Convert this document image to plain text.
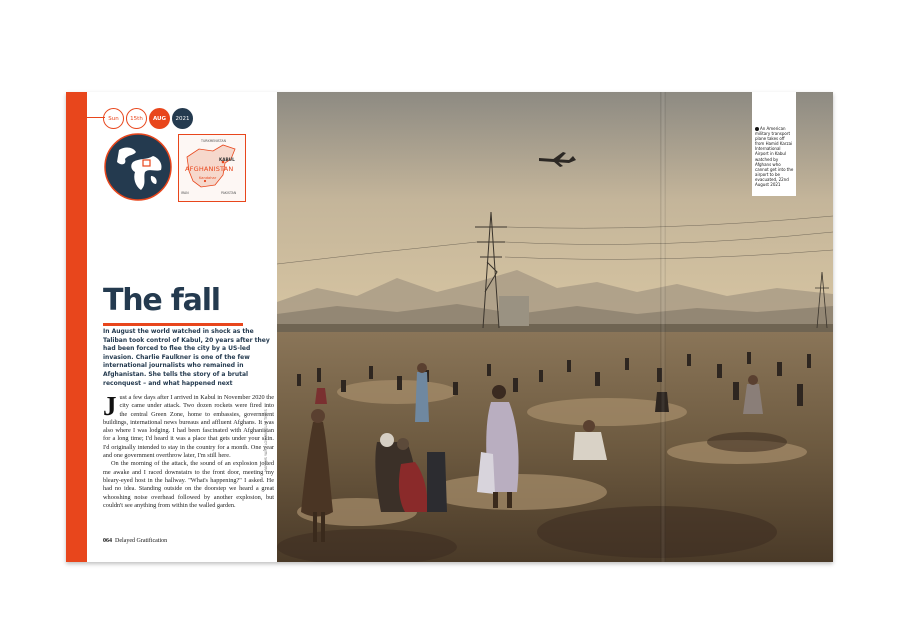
Sun	15th	AUG	2021
TURKMENISTAN
PAKISTAN
IRAN
AFGHANISTAN
KABUL
Kandahar
The fall
In August the world watched in shock as the Taliban took control of Kabul, 20 years after they had been forced to flee the city by a US-led invasion. Charlie Faulkner is one of the few international journalists who remained in Afghanistan. She tells the story of a brutal reconquest – and what happened next
J ust a few days after I arrived in Kabul in November 2020 the city came under attack. Two dozen rockets were fired into the central Green Zone, home to embassies, government buildings, international news bureaus and affluent Afghans. It was also where I was lodging. I had been fascinated with Afghanistan for a long time; I'd heard it was a place that gets under your skin. I'd originally intended to stay in the country for a month. One year and one government overthrow later, I'm still here.

On the morning of the attack, the sound of an explosion jolted me awake and I raced downstairs to the front door, meeting my bleary-eyed host in the hallway. "What's happening?" I asked. He had no idea. Standing outside on the doorstep we heard a great whooshing noise overhead followed by another explosion, but couldn't see anything from within the walled garden.

064 Delayed Gratification
MARCUS YAM / LOS ANGELES TIMES
An American military transport plane takes off from Hamid Karzai International Airport in Kabul watched by Afghans who cannot get into the airport to be evacuated, 22nd August 2021
